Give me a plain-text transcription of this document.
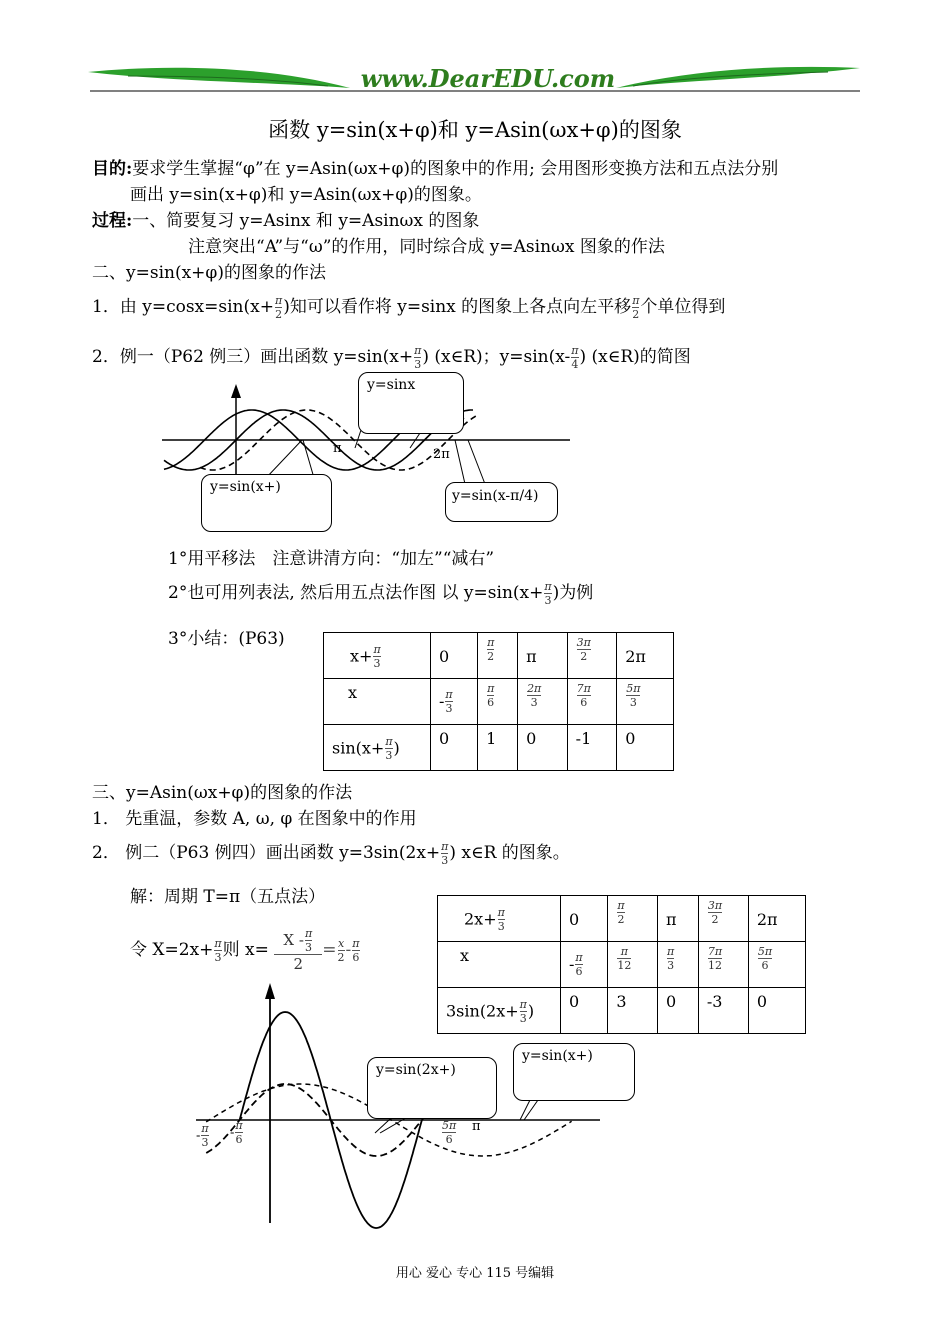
www.DearEDU.com
函数 y=sin(x+φ)和 y=Asin(ωx+φ)的图象
目的:要求学生掌握“φ”在 y=Asin(ωx+φ)的图象中的作用; 会用图形变换方法和五点法分别
画出 y=sin(x+φ)和 y=Asin(ωx+φ)的图象。
过程:一、简要复习 y=Asinx 和 y=Asinωx 的图象
注意突出“A”与“ω”的作用，同时综合成 y=Asinωx 图象的作法
二、y=sin(x+φ)的图象的作法
1．由 $y=\cos x=\sin(x+ \frac{\pi}{2}$ )知可以看作将 y=sinx 的图象上各点向左平移 $\frac{\pi}{2}$ 个单位得到
2．例一（P62 例三）画出函数 $y=\sin(x+ \frac{\pi}{3}$ ) (x∈R)；$y=\sin(x- \frac{\pi}{4}$ ) (x∈R)的简图
π	2π
y=sinx
y=sin(x+)
y=sin(x-π/4)
1°用平移法　注意讲清方向：“加左”“减右”
2°也可用列表法, 然后用五点法作图 以 $y=\sin(x+ \frac{\pi}{3}$ )为例
3°小结：(P63)
$x+ \frac{\pi}{3}$	0	$\frac{\pi}{2}$	π	$\frac{3\pi}{2}$	2π
x	- $\frac{\pi}{3}$	$\frac{\pi}{6}$	$\frac{2\pi}{3}$	$\frac{7\pi}{6}$	$\frac{5\pi}{3}$

$\sin(x+ \frac{\pi}{3}$ )	0	1	0	-1	0
三、y=Asin(ωx+φ)的图象的作法
1． 先重温，参数 A, ω, φ 在图象中的作用
2． 例二（P63 例四）画出函数 $y=3\sin(2x+ \frac{\pi}{3}$ ) x∈R 的图象。
解：周期 T=π（五点法）
令 $X=2x+ \frac{\pi}{3}$ 则 $x= \frac{X - \frac{\pi}{3}}{2} = \frac{x}{2} - \frac{\pi}{6}$
$2x+ \frac{\pi}{3}$	0	$\frac{\pi}{2}$	π	$\frac{3\pi}{2}$	2π
x	- $\frac{\pi}{6}$	$\frac{\pi}{12}$	$\frac{\pi}{3}$	$\frac{7\pi}{12}$	$\frac{5\pi}{6}$

$3\sin(2x+ \frac{\pi}{3}$ )	0	3	0	-3	0
π
- $\frac{\pi}{3} - \frac{\pi}{6}$	$\frac{5\pi}{6}$
y=sin(2x+)
y=sin(x+)
用心 爱心 专心 115 号编辑
